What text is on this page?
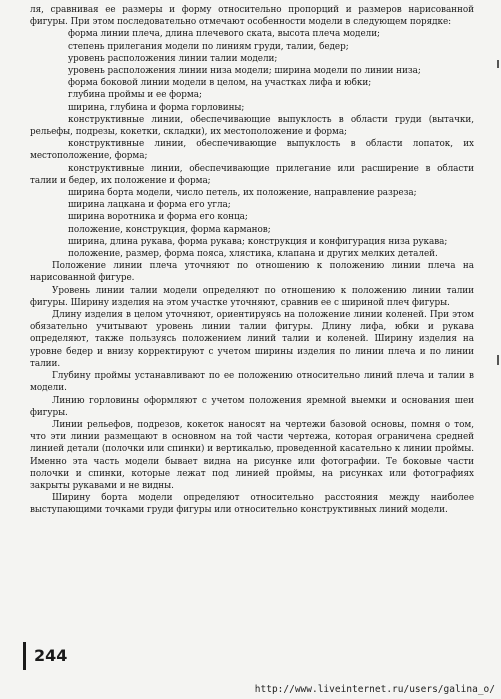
ля, сравнивая ее размеры и форму относительно пропорций и размеров нарисованной фигуры. При этом последовательно отмечают особенности модели в следующем порядке:

форма линии плеча, длина плечевого ската, высота плеча модели;

степень прилегания модели по линиям груди, талии, бедер;

уровень расположения линии талии модели;

уровень расположения линии низа модели; ширина модели по линии низа;

форма боковой линии модели в целом, на участках лифа и юбки;

глубина проймы и ее форма;

ширина, глубина и форма горловины;

конструктивные линии, обеспечивающие выпуклость в области груди (вытачки, рельефы, подрезы, кокетки, складки), их местоположение и форма;

конструктивные линии, обеспечивающие выпуклость в области лопаток, их местоположение, форма;

конструктивные линии, обеспечивающие прилегание или расширение в области талии и бедер, их положение и форма;

ширина борта модели, число петель, их положение, направление разреза;

ширина лацкана и форма его угла;

ширина воротника и форма его конца;

положение, конструкция, форма карманов;

ширина, длина рукава, форма рукава; конструкция и конфигурация низа рукава;

положение, размер, форма пояса, хлястика, клапана и других мелких деталей.

Положение линии плеча уточняют по отношению к положению линии плеча на нарисованной фигуре.

Уровень линии талии модели определяют по отношению к положению линии талии фигуры. Ширину изделия на этом участке уточняют, сравнив ее с шириной плеч фигуры.

Длину изделия в целом уточняют, ориентируясь на положение линии коленей. При этом обязательно учитывают уровень линии талии фигуры. Длину лифа, юбки и рукава определяют, также пользуясь положением линий талии и коленей. Ширину изделия на уровне бедер и внизу корректируют с учетом ширины изделия по линии плеча и по линии талии.

Глубину проймы устанавливают по ее положению относительно линий плеча и талии в модели.

Линию горловины оформляют с учетом положения яремной выемки и основания шеи фигуры.

Линии рельефов, подрезов, кокеток наносят на чертежи базовой основы, помня о том, что эти линии размещают в основном на той части чертежа, которая ограничена средней линией детали (полочки или спинки) и вертикалью, проведенной касательно к линии проймы. Именно эта часть модели бывает видна на рисунке или фотографии. Те боковые части полочки и спинки, которые лежат под линией проймы, на рисунках или фотографиях закрыты рукавами и не видны.

Ширину борта модели определяют относительно расстояния между наиболее выступающими точками груди фигуры или относительно конструктивных линий модели.

244
http://www.liveinternet.ru/users/galina_o/
